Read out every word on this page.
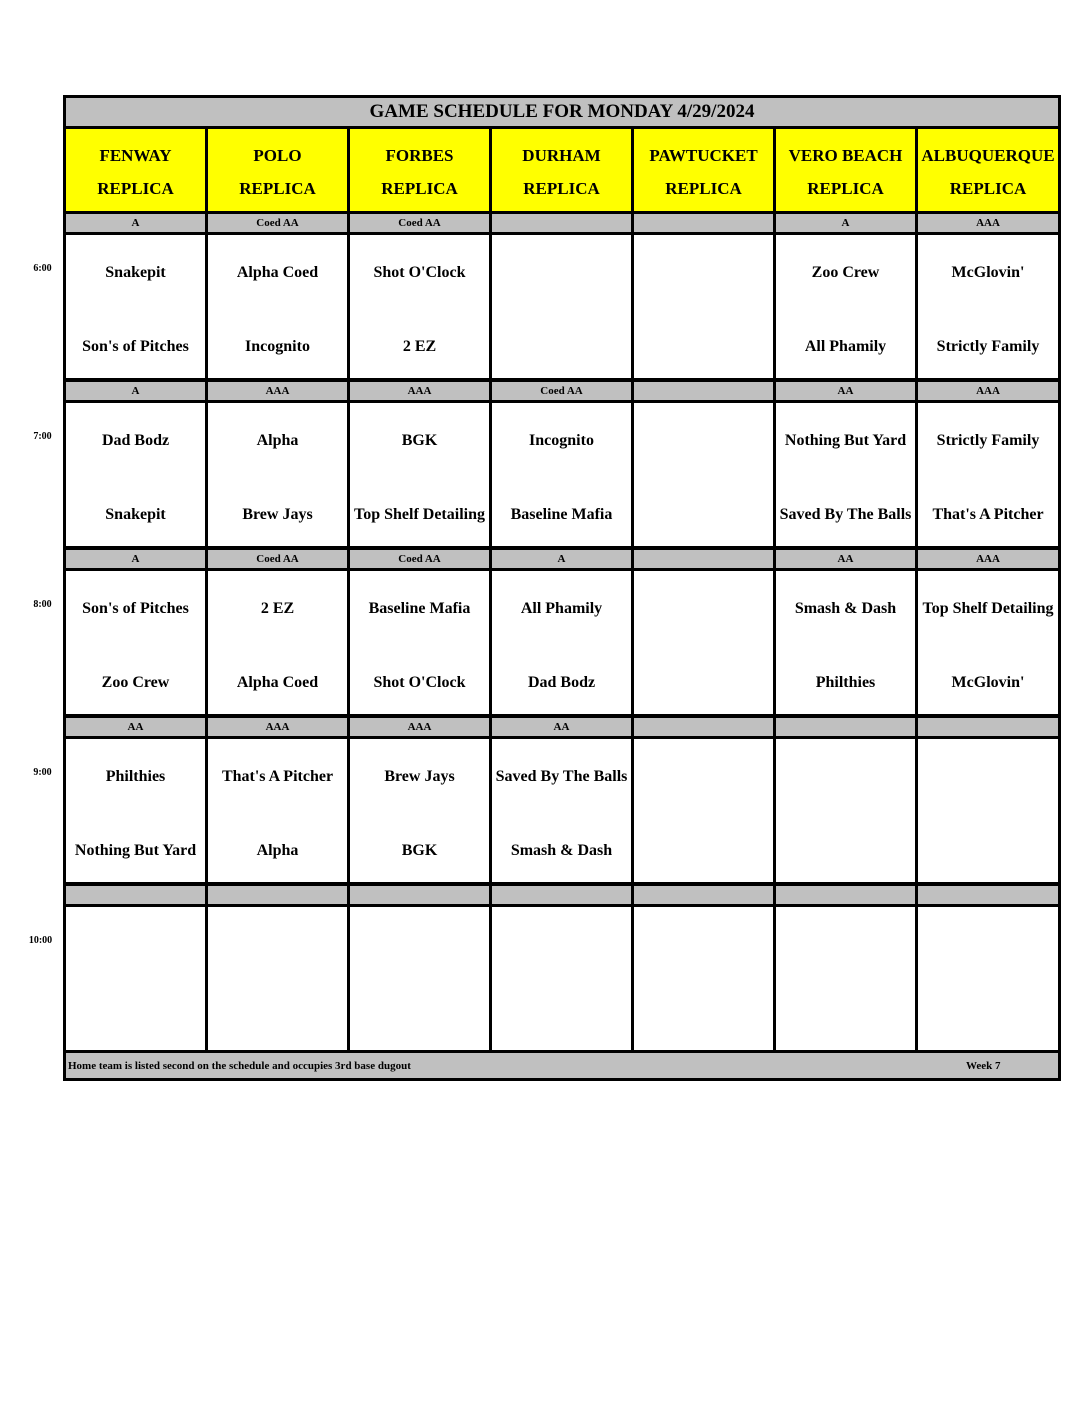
GAME SCHEDULE FOR MONDAY 4/29/2024
FENWAY
REPLICA
POLO
REPLICA
FORBES
REPLICA
DURHAM
REPLICA
PAWTUCKET
REPLICA
VERO BEACH
REPLICA
ALBUQUERQUE
REPLICA
A
Snakepit
Son's of Pitches
Coed AA
Alpha Coed
Incognito
Coed AA
Shot O'Clock
2 EZ
A
Zoo Crew
All Phamily
AAA
McGlovin'
Strictly Family
A
Dad Bodz
Snakepit
AAA
Alpha
Brew Jays
AAA
BGK
Top Shelf Detailing
Coed AA
Incognito
Baseline Mafia
AA
Nothing But Yard
Saved By The Balls
AAA
Strictly Family
That's A Pitcher
A
Son's of Pitches
Zoo Crew
Coed AA
2 EZ
Alpha Coed
Coed AA
Baseline Mafia
Shot O'Clock
A
All Phamily
Dad Bodz
AA
Smash & Dash
Philthies
AAA
Top Shelf Detailing
McGlovin'
AA
Philthies
Nothing But Yard
AAA
That's A Pitcher
Alpha
AAA
Brew Jays
BGK
AA
Saved By The Balls
Smash & Dash
Home team is listed second on the schedule and occupies 3rd base dugout	Week 7
6:00
7:00
8:00
9:00
10:00
